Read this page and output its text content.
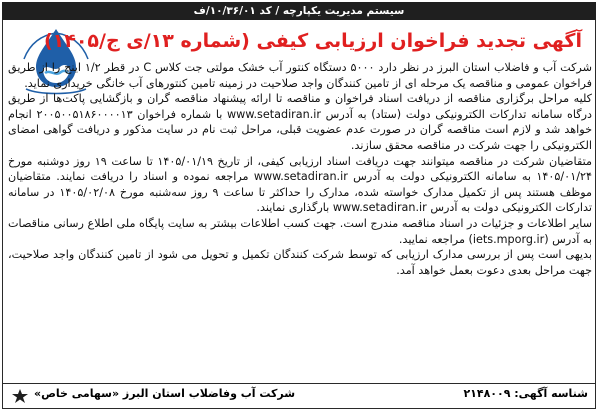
سیستم مدیریت یکپارچه / کد ۱۰/۳۶/۰۱/ف
آگهی تجدید فراخوان ارزیابی کیفی (شماره ۱۳/ی ج/۱۴۰۵)

شرکت آب و فاضلاب استان البرز در نظر دارد ۵۰۰۰ دستگاه کنتور آب خشک مولتی جت کلاس C در قطر ۱/۲ اینچ را از طریق فراخوان عمومی و مناقصه یک مرحله ای از تامین کنندگان واجد صلاحیت در زمینه تامین کنتورهای آب خانگی خریداری نماید.

کلیه مراحل برگزاری مناقصه از دریافت اسناد فراخوان و مناقصه تا ارائه پیشنهاد مناقصه گران و بازگشایی پاکت‌ها از طریق درگاه سامانه تدارکات الکترونیکی دولت (ستاد) به آدرس www.setadiran.ir با شماره فراخوان ۲۰۰۵۰۰۵۱۸۶۰۰۰۰۱۳ انجام خواهد شد و لازم است مناقصه گران در صورت عدم عضویت قبلی، مراحل ثبت نام در سایت مذکور و دریافت گواهی امضای الکترونیکی را جهت شرکت در مناقصه محقق سازند.

متقاضیان شرکت در مناقصه میتوانند جهت دریافت اسناد ارزیابی کیفی، از تاریخ ۱۴۰۵/۰۱/۱۹ تا ساعت ۱۹ روز دوشنبه مورخ ۱۴۰۵/۰۱/۲۴ به سامانه الکترونیکی دولت به آدرس www.setadiran.ir مراجعه نموده و اسناد را دریافت نمایند. متقاضیان موظف هستند پس از تکمیل مدارک خواسته شده، مدارک را حداکثر تا ساعت ۹ روز سه‌شنبه مورخ ۱۴۰۵/۰۲/۰۸ در سامانه تدارکات الکترونیکی دولت به آدرس www.setadiran.ir بارگذاری نمایند.

سایر اطلاعات و جزئیات در اسناد مناقصه مندرج است. جهت کسب اطلاعات بیشتر به سایت پایگاه ملی اطلاع رسانی مناقصات به آدرس (iets.mporg.ir) مراجعه نمایید.

بدیهی است پس از بررسی مدارک ارزیابی که توسط شرکت کنندگان تکمیل و تحویل می شود از تامین کنندگان واجد صلاحیت، جهت مراحل بعدی دعوت بعمل خواهد آمد.

شناسه آگهی: ۲۱۴۸۰۰۹
شرکت آب وفاضلاب استان البرز «سهامی خاص»
